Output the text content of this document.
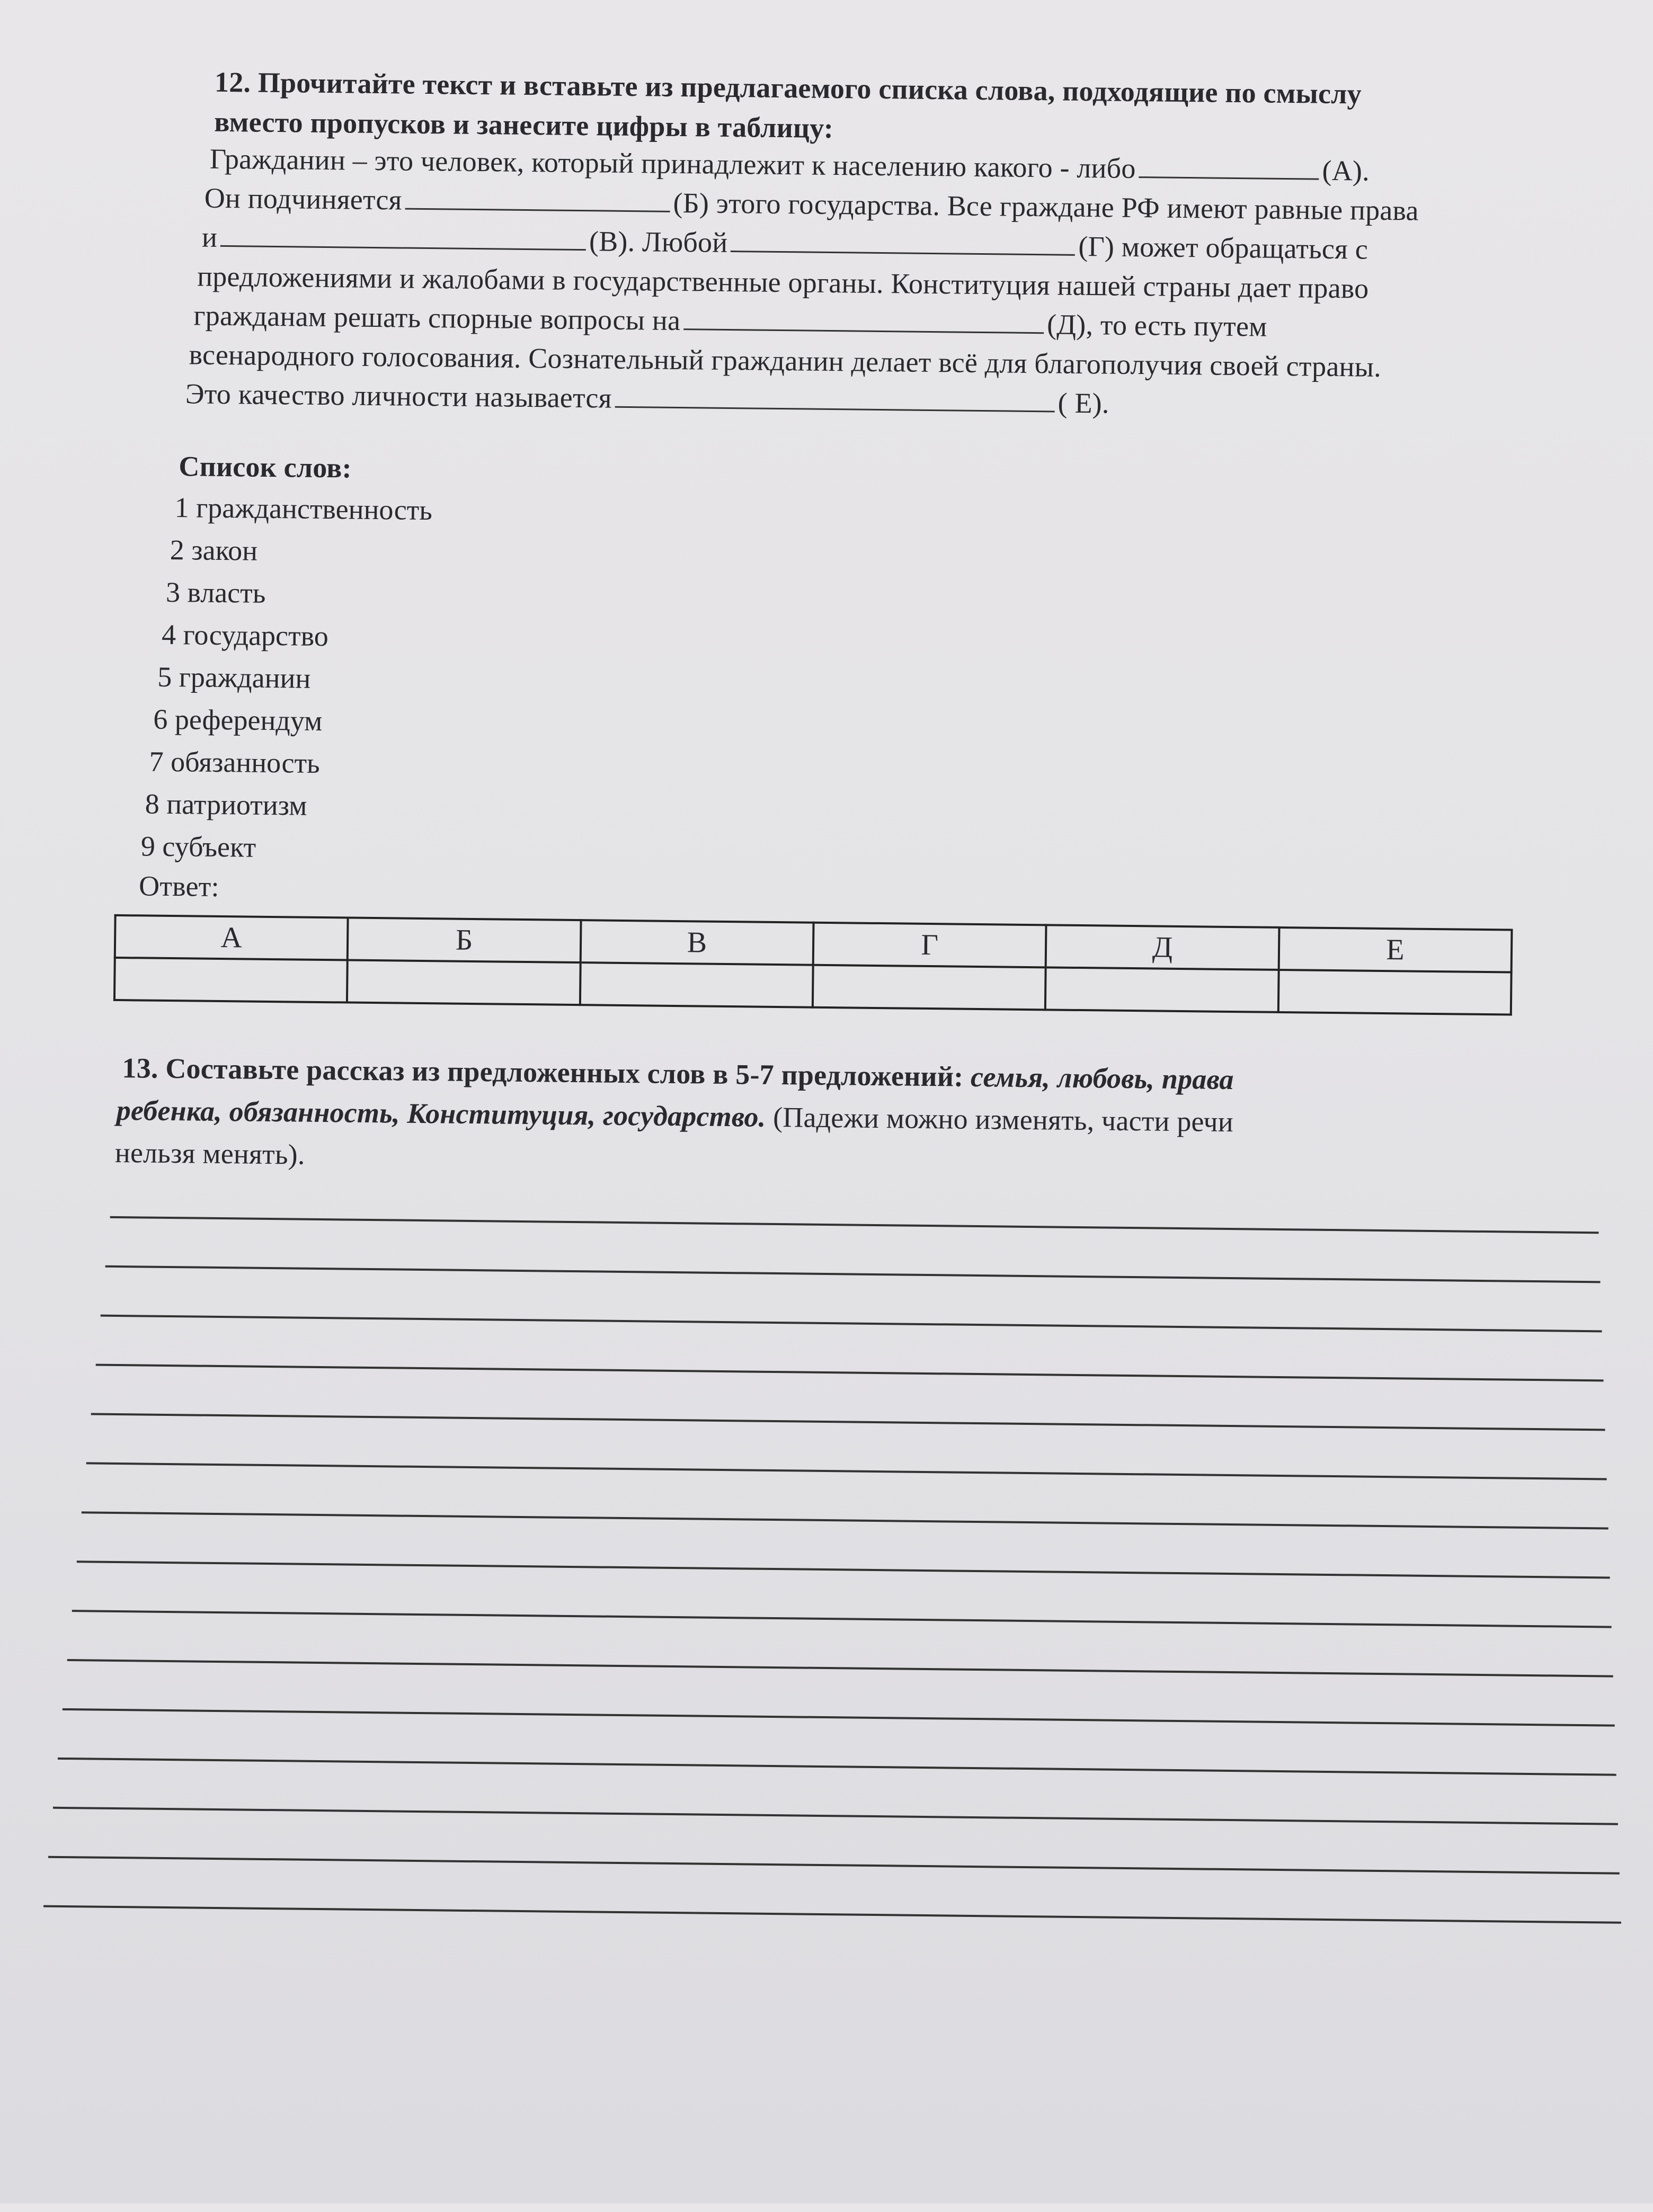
12. Прочитайте текст и вставьте из предлагаемого списка слова, подходящие по смыслу
вместо пропусков и занесите цифры в таблицу:
Гражданин – это человек, который принадлежит к населению какого - либо	(А).
Он подчиняется	(Б) этого государства. Все граждане РФ имеют равные права
и	(В). Любой	(Г) может обращаться с
предложениями и жалобами в государственные органы. Конституция нашей страны дает право
гражданам решать спорные вопросы на	(Д), то есть путем
всенародного голосования. Сознательный гражданин делает всё для благополучия своей страны.
Это качество личности называется	( Е).
Список слов:
1 гражданственность
2 закон
3 власть
4 государство
5 гражданин
6 референдум
7 обязанность
8 патриотизм
9 субъект
Ответ:
А	Б	В	Г	Д	Е

13. Составьте рассказ из предложенных слов в 5-7 предложений: семья, любовь, права
ребенка, обязанность, Конституция, государство. (Падежи можно изменять, части речи
нельзя менять).
